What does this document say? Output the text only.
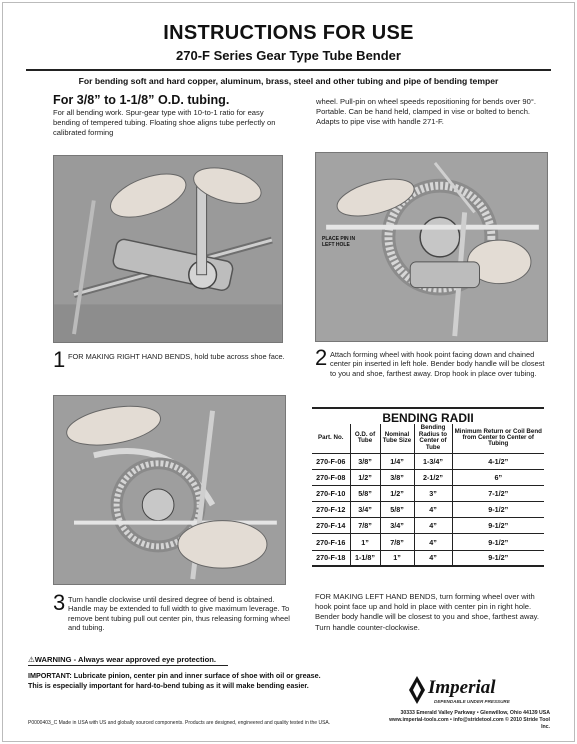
INSTRUCTIONS FOR USE
270-F Series Gear Type Tube Bender
For bending soft and hard copper, aluminum, brass, steel and other tubing and pipe of bending temper
For 3/8” to 1-1/8” O.D. tubing.
For all bending work. Spur-gear type with 10-to-1 ratio for easy bending of tempered tubing. Floating shoe aligns tube perfectly on calibrated forming
wheel. Pull-pin on wheel speeds repositioning for bends over 90°. Portable. Can be hand held, clamped in vise or bolted to bench. Adapts to pipe vise with handle 271-F.
PLACE PIN IN
LEFT HOLE
1 FOR MAKING RIGHT HAND BENDS, hold tube across shoe face. 2 Attach forming wheel with hook point facing down and chained center pin inserted in left hole. Bender body handle will be closest to you and shoe, farthest away. Drop hook in place over tubing.
3 Turn handle clockwise until desired degree of bend is obtained. Handle may be extended to full width to give maximum leverage. To remove bent tubing pull out center pin, thus releasing forming wheel and tubing.
BENDING RADII
Part. No.	O.D. of Tube	Nominal Tube Size	Bending Radius to Center of Tube	Minimum Return or Coil Bend from Center to Center of Tubing
270-F-06	3/8”	1/4”	1-3/4”	4-1/2”
270-F-08	1/2”	3/8”	2-1/2”	6”
270-F-10	5/8”	1/2”	3”	7-1/2”
270-F-12	3/4”	5/8”	4”	9-1/2”
270-F-14	7/8”	3/4”	4”	9-1/2”
270-F-16	1”	7/8”	4”	9-1/2”
270-F-18	1-1/8”	1”	4”	9-1/2”
FOR MAKING LEFT HAND BENDS, turn forming wheel over with hook point face up and hold in place with center pin in right hole. Bender body handle will be closest to you and shoe, farthest away. Turn handle counter-clockwise.
⚠WARNING - Always wear approved eye protection.
IMPORTANT: Lubricate pinion, center pin and inner surface of shoe with oil or grease. This is especially important for hard-to-bend tubing as it will make bending easier.	Imperial
DEPENDABLE UNDER PRESSURE
30333 Emerald Valley Parkway • Glenwillow, Ohio 44139 USA
www.imperial-tools.com • info@stridetool.com © 2010 Stride Tool Inc.
P0000403_C Made in USA with US and globally sourced components. Products are designed, engineered and quality tested in the USA.
